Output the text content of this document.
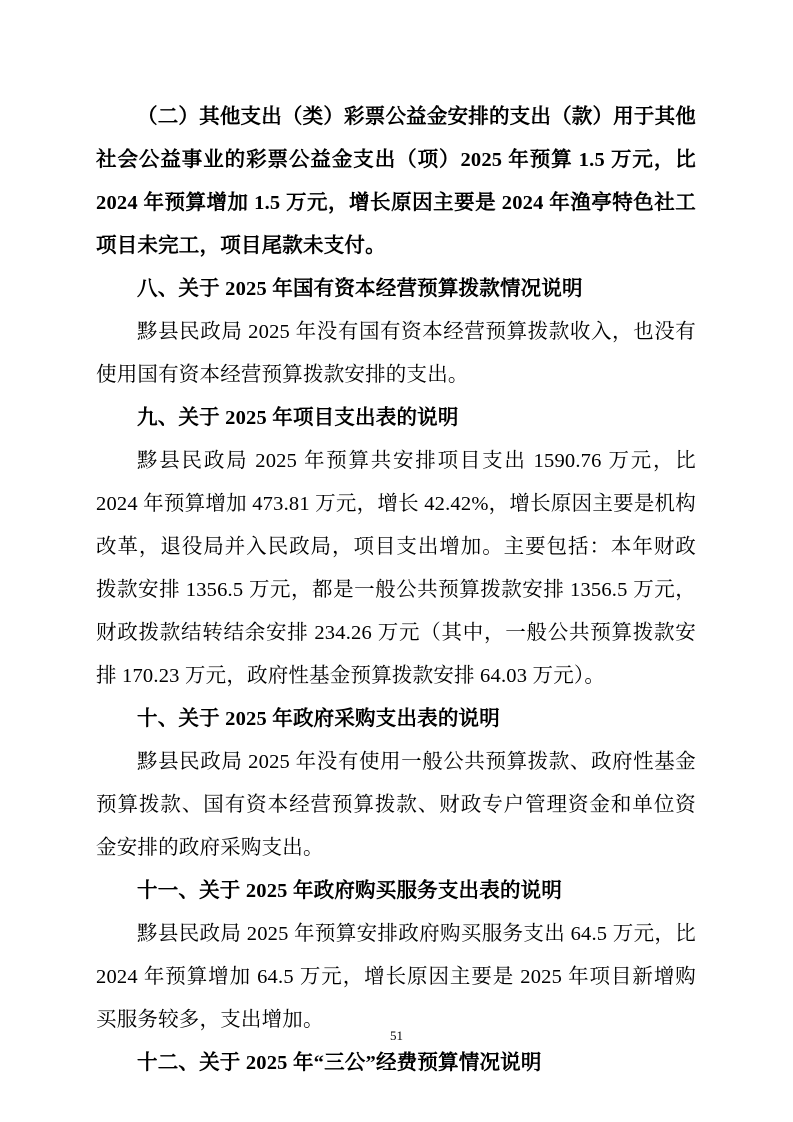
（二）其他支出（类）彩票公益金安排的支出（款）用于其他社会公益事业的彩票公益金支出（项）2025 年预算 1.5 万元，比 2024 年预算增加 1.5 万元，增长原因主要是 2024 年渔亭特色社工项目未完工，项目尾款未支付。

八、关于 2025 年国有资本经营预算拨款情况说明

黟县民政局 2025 年没有国有资本经营预算拨款收入，也没有使用国有资本经营预算拨款安排的支出。

九、关于 2025 年项目支出表的说明

黟县民政局 2025 年预算共安排项目支出 1590.76 万元，比 2024 年预算增加 473.81 万元，增长 42.42%，增长原因主要是机构改革，退役局并入民政局，项目支出增加。主要包括：本年财政拨款安排 1356.5 万元，都是一般公共预算拨款安排 1356.5 万元，财政拨款结转结余安排 234.26 万元（其中，一般公共预算拨款安排 170.23 万元，政府性基金预算拨款安排 64.03 万元）。

十、关于 2025 年政府采购支出表的说明

黟县民政局 2025 年没有使用一般公共预算拨款、政府性基金预算拨款、国有资本经营预算拨款、财政专户管理资金和单位资金安排的政府采购支出。

十一、关于 2025 年政府购买服务支出表的说明

黟县民政局 2025 年预算安排政府购买服务支出 64.5 万元，比 2024 年预算增加 64.5 万元，增长原因主要是 2025 年项目新增购买服务较多，支出增加。

十二、关于 2025 年“三公”经费预算情况说明

51
